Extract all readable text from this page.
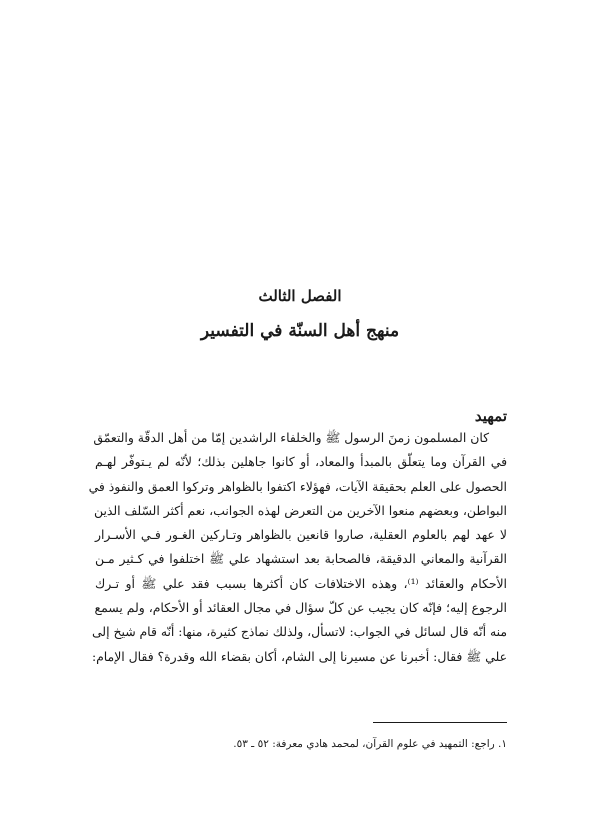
الفصل الثالث
منهج أهل السنّة في التفسير
تمهيد
كان المسلمون زمنَ الرسول ﷺ والخلفاء الراشدين إمّا من أهل الدقّة والتعمّق
في القرآن وما يتعلّق بالمبدأ والمعاد، أو كانوا جاهلين بذلك؛ لأنّه لم يـتوفّر لهـم
الحصول على العلم بحقيقة الآيات، فهؤلاء اكتفوا بالظواهر وتركوا العمق والنفوذ في
البواطن، وبعضهم منعوا الآخرين من التعرض لهذه الجوانب، نعم أكثر السّلف الذين
لا عهد لهم بالعلوم العقلية، صاروا قانعين بالظواهر وتـاركين الغـور فـي الأسـرار
القرآنية والمعاني الدقيقة، فالصحابة بعد استشهاد علي ﷺ اختلفوا في كـثير مـن
الأحكام والعقائد ⁽¹⁾، وهذه الاختلافات كان أكثرها بسبب فقد علي ﷺ أو تـرك
الرجوع إليه؛ فإنّه كان يجيب عن كلّ سؤال في مجال العقائد أو الأحكام، ولم يسمع
منه أنّه قال لسائل في الجواب: لاتسأل، ولذلك نماذج كثيرة، منها: أنّه قام شيخ إلى
علي ﷺ فقال: أخبرنا عن مسيرنا إلى الشام، أكان بقضاء الله وقدرة؟ فقال الإمام:

١. راجع: التمهيد في علوم القرآن، لمحمد هادي معرفة: ٥٢ ـ ٥٣.
